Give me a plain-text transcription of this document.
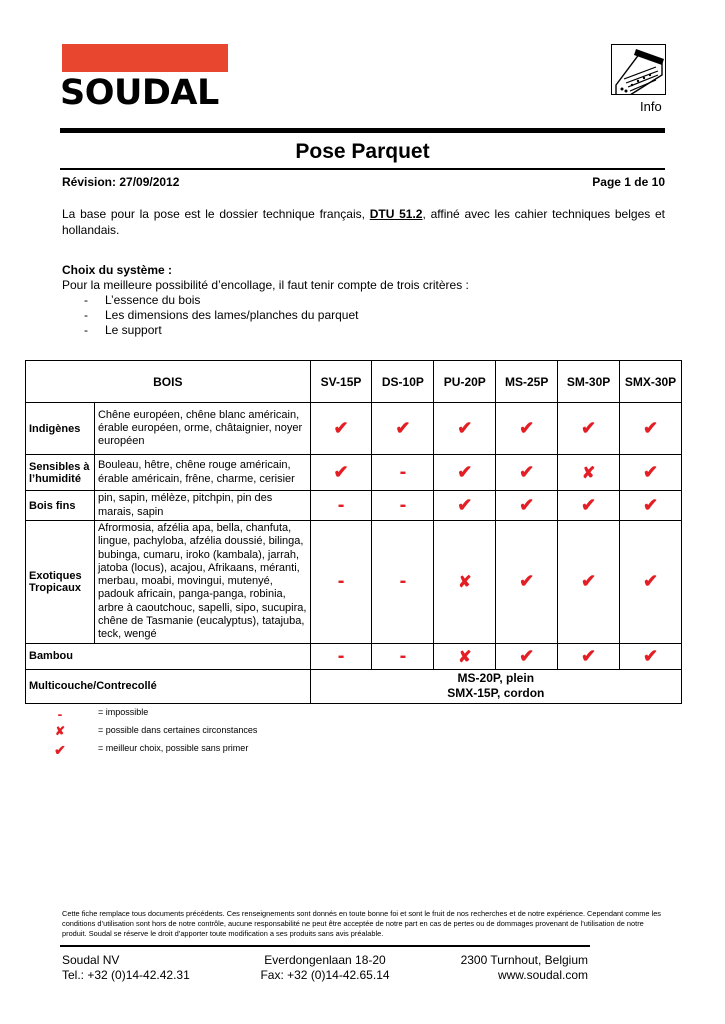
SOUDAL	Info
Pose Parquet
Révision: 27/09/2012	Page 1 de 10

La base pour la pose est le dossier technique français, DTU 51.2, affiné avec les cahier techniques belges et hollandais.

Choix du système :
Pour la meilleure possibilité d’encollage, il faut tenir compte de trois critères :
- L’essence du bois
- Les dimensions des lames/planches du parquet
- Le support
BOIS		SV-15P	DS-10P	PU-20P	MS-25P	SM-30P	SMX-30P
Indigènes	Chêne européen, chêne blanc américain, érable européen, orme, châtaignier, noyer européen	✔	✔	✔	✔	✔	✔
Sensibles à l’humidité	Bouleau, hêtre, chêne rouge américain, érable américain, frêne, charme, cerisier	✔	-	✔	✔	✘	✔
Bois fins	pin, sapin, mélèze, pitchpin, pin des marais, sapin	-	-	✔	✔	✔	✔
Exotiques Tropicaux	Afrormosia, afzélia apa, bella, chanfuta, lingue, pachyloba, afzélia doussié, bilinga, bubinga, cumaru, iroko (kambala), jarrah, jatoba (locus), acajou, Afrikaans, méranti, merbau, moabi, movingui, mutenyé, padouk africain, panga-panga, robinia, arbre à caoutchouc, sapelli, sipo, sucupira, chêne de Tasmanie (eucalyptus), tatajuba, teck, wengé	-	-	✘	✔	✔	✔
Bambou		-	-	✘	✔	✔	✔
Multicouche/Contrecollé		MS-20P, plein
SMX-15P, cordon					
-	= impossible
✘	= possible dans certaines circonstances
✔	= meilleur choix, possible sans primer

Cette fiche remplace tous documents précédents. Ces renseignements sont donnés en toute bonne foi et sont le fruit de nos recherches et de notre expérience. Cependant comme les conditions d’utilisation sont hors de notre contrôle, aucune responsabilité ne peut être acceptée de notre part en cas de pertes ou de dommages provenant de l’utilisation de notre produit. Soudal se réserve le droit d’apporter toute modification a ses produits sans avis préalable.

Soudal NV
Tel.: +32 (0)14-42.42.31
Everdongenlaan 18-20
Fax: +32 (0)14-42.65.14
2300 Turnhout, Belgium
www.soudal.com
